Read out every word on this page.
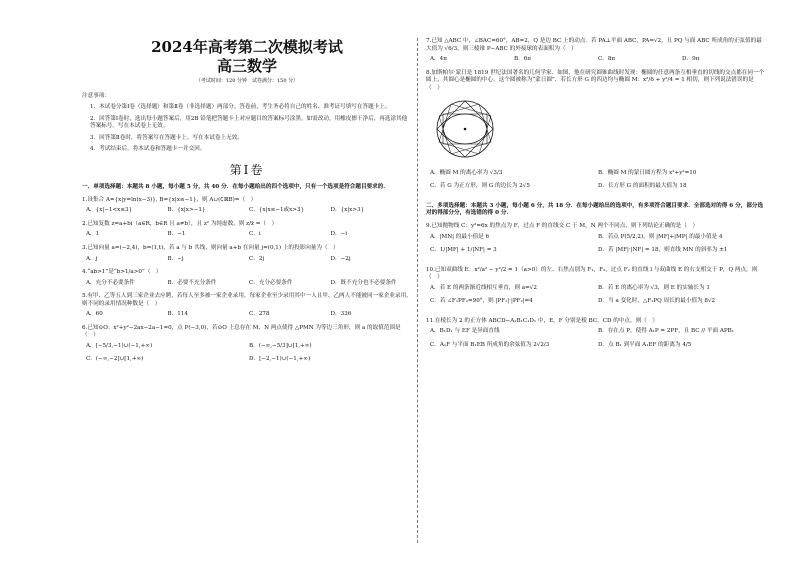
2024年高考第二次模拟考试
高三数学
（考试时间：120 分钟　试卷满分：150 分）
注意事项：
1．本试卷分第Ⅰ卷（选择题）和第Ⅱ卷（非选择题）两部分。答卷前，考生务必将自己的姓名、准考证号填写在答题卡上。
2．回答第Ⅰ卷时，选出每小题答案后，用2B 铅笔把答题卡上对应题目的答案标号涂黑。如需改动，用橡皮擦干净后，再选涂其他答案标号。写在本试卷上无效。
3．回答第Ⅱ卷时，将答案写在答题卡上。写在本试卷上无效。
4．考试结束后，将本试卷和答题卡一并交回。
第Ⅰ卷
一、单项选择题：本题共 8 小题，每小题 5 分，共 40 分．在每小题给出的四个选项中，只有一个选项是符合题目要求的．
1.设集合 A={x|y=ln(x−3)}, B={x|x≤−1}，则 A∪(∁ℝB)=（　）
A．{x|−1<x≤3}	B．{x|x>−1}	C．{x|x≤−1或x>3}	D．{x|x>3}
2.已知复数 z=a+bi（a∈R，b∈R 且 a≠b），且 z² 为纯虚数，则 z/z̄ =（　）
A．1	B．−1	C．i	D．−i
3.已知向量 a=(−2,4)，b=(1,t)，若 a 与 b 共线，则向量 a+b 在向量 j=(0,1) 上的投影向量为（　）
A．j	B．−j	C．2j	D．−2j
4.“ab>1”是“b>1/a>0”（　）
A．充分不必要条件	B．必要不充分条件	C．充分必要条件	D．既不充分也不必要条件
5.有甲、乙等五人到三家企业去应聘，若每人至多被一家企业录用，每家企业至少录用其中一人且甲、乙两人不能被同一家企业录用，则不同的录用情况种数是（　）
A．60	B．114	C．278	D．336
6.已知⊙O：x²+y²−2ax−2a−1=0，点 P(−3,0)，若⊙O 上总存在 M，N 两点使得 △PMN 为等边三角形，则 a 的取值范围是（　）
A．[−5/3,−1)∪(−1,+∞)	B．(−∞,−5/3]∪[1,+∞)
C．(−∞,−2]∪[1,+∞)	D．[−2,−1)∪(−1,+∞)
7.已知 △ABC 中，∠BAC=60°，AB=2，Q 是边 BC 上的动点．若 PA⊥平面 ABC，PA=√2，且 PQ 与面 ABC 所成角的正弦值的最大值为 √6/3，则三棱锥 P−ABC 的外接球的表面积为（　）
A．4π	B．6π	C．8π	D．9π
8.加斯帕尔·蒙日是 1819 世纪法国著名的几何学家．如图，他在研究圆锥曲线时发现：椭圆的任意两条互相垂直的切线的交点都在同一个圆上，其圆心是椭圆的中心，这个圆被称为“蒙日圆”．若长方形 G 的四边均与椭圆 M：x²/6 + y²/4 = 1 相切，则下列说法错误的是（　）
A．椭圆 M 的离心率为 √3/3	B．椭圆 M 的蒙日圆方程为 x²+y²=10
C．若 G 为正方形，则 G 的边长为 2√5	D．长方形 G 的面积的最大值为 18
二、多项选择题：本题共 3 小题，每小题 6 分，共 18 分．在每小题给出的选项中，有多项符合题目要求．全部选对的得 6 分，部分选对的得部分分，有选错的得 0 分．
9.已知抛物线 C：y²=6x 的焦点为 F，过点 F 的直线交 C 于 M，N 两个不同点，则下列结论正确的是（　）
A．|MN| 的最小值是 6	B．若点 P(5/2,2)，则 |MF|+|MP| 的最小值是 4
C．1/|MF| + 1/|NF| = 3	D．若 |MF|·|NF| = 18，则直线 MN 的斜率为 ±1
10.已知双曲线 E：x²/a² − y²/2 = 1（a>0）的左、右焦点别为 F₁，F₂，过点 F₂ 的直线 l 与双曲线 E 的右支相交于 P，Q 两点，则（　）
A．若 E 的两条渐近线相互垂直，则 a=√2	B．若 E 的离心率为 √3，则 E 的实轴长为 1
C．若 ∠F₁PF₂=90°，则 |PF₁|·|PF₂|=4	D．当 a 变化时，△F₁PQ 周长的最小值为 8√2
11.在棱长为 2 的正方体 ABCD−A₁B₁C₁D₁ 中，E，F 分别是棱 BC，CD 的中点，则（　）
A．B₁D₁ 与 EF 是异面直线	B．存在点 P，使得 A₁P = 2PF，且 BC // 平面 APB₁
C．A₁F 与平面 B₁EB 所成角的余弦值为 2√2/3	D．点 B₁ 到平面 A₁EF 的距离为 4/5
